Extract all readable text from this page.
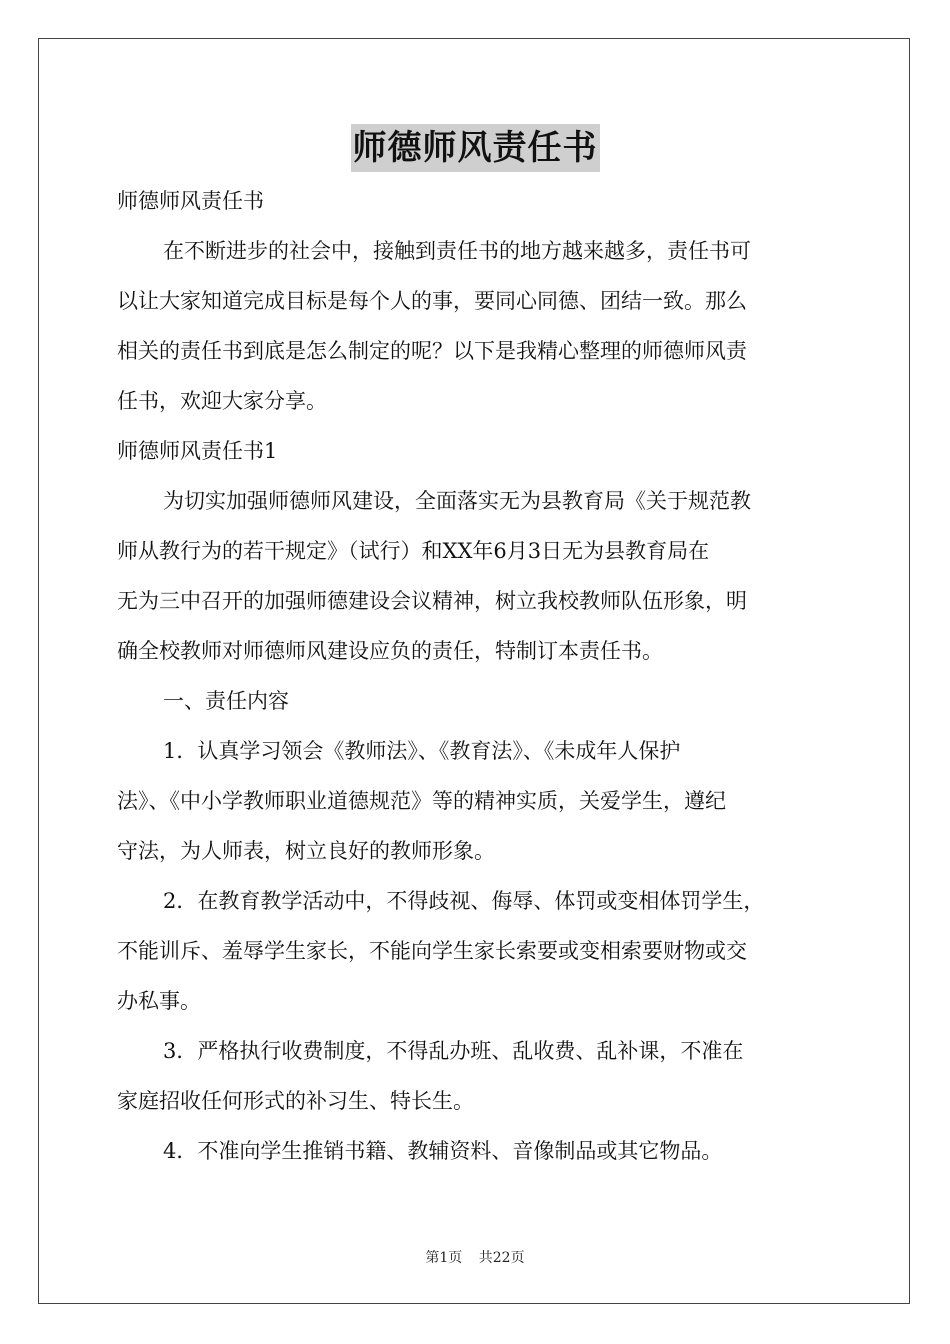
师德师风责任书
师德师风责任书
在不断进步的社会中，接触到责任书的地方越来越多，责任书可
以让大家知道完成目标是每个人的事，要同心同德、团结一致。那么
相关的责任书到底是怎么制定的呢？以下是我精心整理的师德师风责
任书，欢迎大家分享。
师德师风责任书1
为切实加强师德师风建设，全面落实无为县教育局《关于规范教
师从教行为的若干规定》（试行）和XX年6月3日无为县教育局在
无为三中召开的加强师德建设会议精神，树立我校教师队伍形象，明
确全校教师对师德师风建设应负的责任，特制订本责任书。
一、责任内容
1．认真学习领会《教师法》、《教育法》、《未成年人保护
法》、《中小学教师职业道德规范》等的精神实质，关爱学生，遵纪
守法，为人师表，树立良好的教师形象。
2．在教育教学活动中，不得歧视、侮辱、体罚或变相体罚学生，
不能训斥、羞辱学生家长，不能向学生家长索要或变相索要财物或交
办私事。
3．严格执行收费制度，不得乱办班、乱收费、乱补课，不准在
家庭招收任何形式的补习生、特长生。
4．不准向学生推销书籍、教辅资料、音像制品或其它物品。
第1页 共22页
